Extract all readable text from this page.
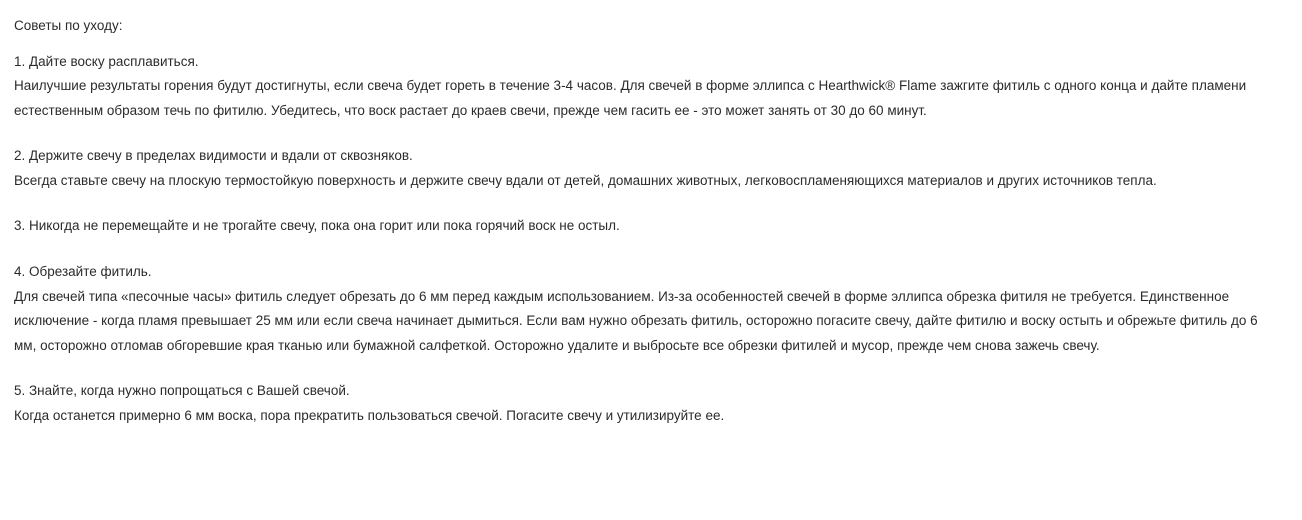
Советы по уходу:

1. Дайте воску расплавиться.

Наилучшие результаты горения будут достигнуты, если свеча будет гореть в течение 3-4 часов. Для свечей в форме эллипса с Hearthwick® Flame зажгите фитиль с одного конца и дайте пламени естественным образом течь по фитилю. Убедитесь, что воск растает до краев свечи, прежде чем гасить ее - это может занять от 30 до 60 минут.

2. Держите свечу в пределах видимости и вдали от сквозняков.

Всегда ставьте свечу на плоскую термостойкую поверхность и держите свечу вдали от детей, домашних животных, легковоспламеняющихся материалов и других источников тепла.

3. Никогда не перемещайте и не трогайте свечу, пока она горит или пока горячий воск не остыл.

4. Обрезайте фитиль.

Для свечей типа «песочные часы» фитиль следует обрезать до 6 мм перед каждым использованием. Из-за особенностей свечей в форме эллипса обрезка фитиля не требуется. Единственное исключение - когда пламя превышает 25 мм или если свеча начинает дымиться. Если вам нужно обрезать фитиль, осторожно погасите свечу, дайте фитилю и воску остыть и обрежьте фитиль до 6 мм, осторожно отломав обгоревшие края тканью или бумажной салфеткой. Осторожно удалите и выбросьте все обрезки фитилей и мусор, прежде чем снова зажечь свечу.

5. Знайте, когда нужно попрощаться с Вашей свечой.

Когда останется примерно 6 мм воска, пора прекратить пользоваться свечой. Погасите свечу и утилизируйте ее.
